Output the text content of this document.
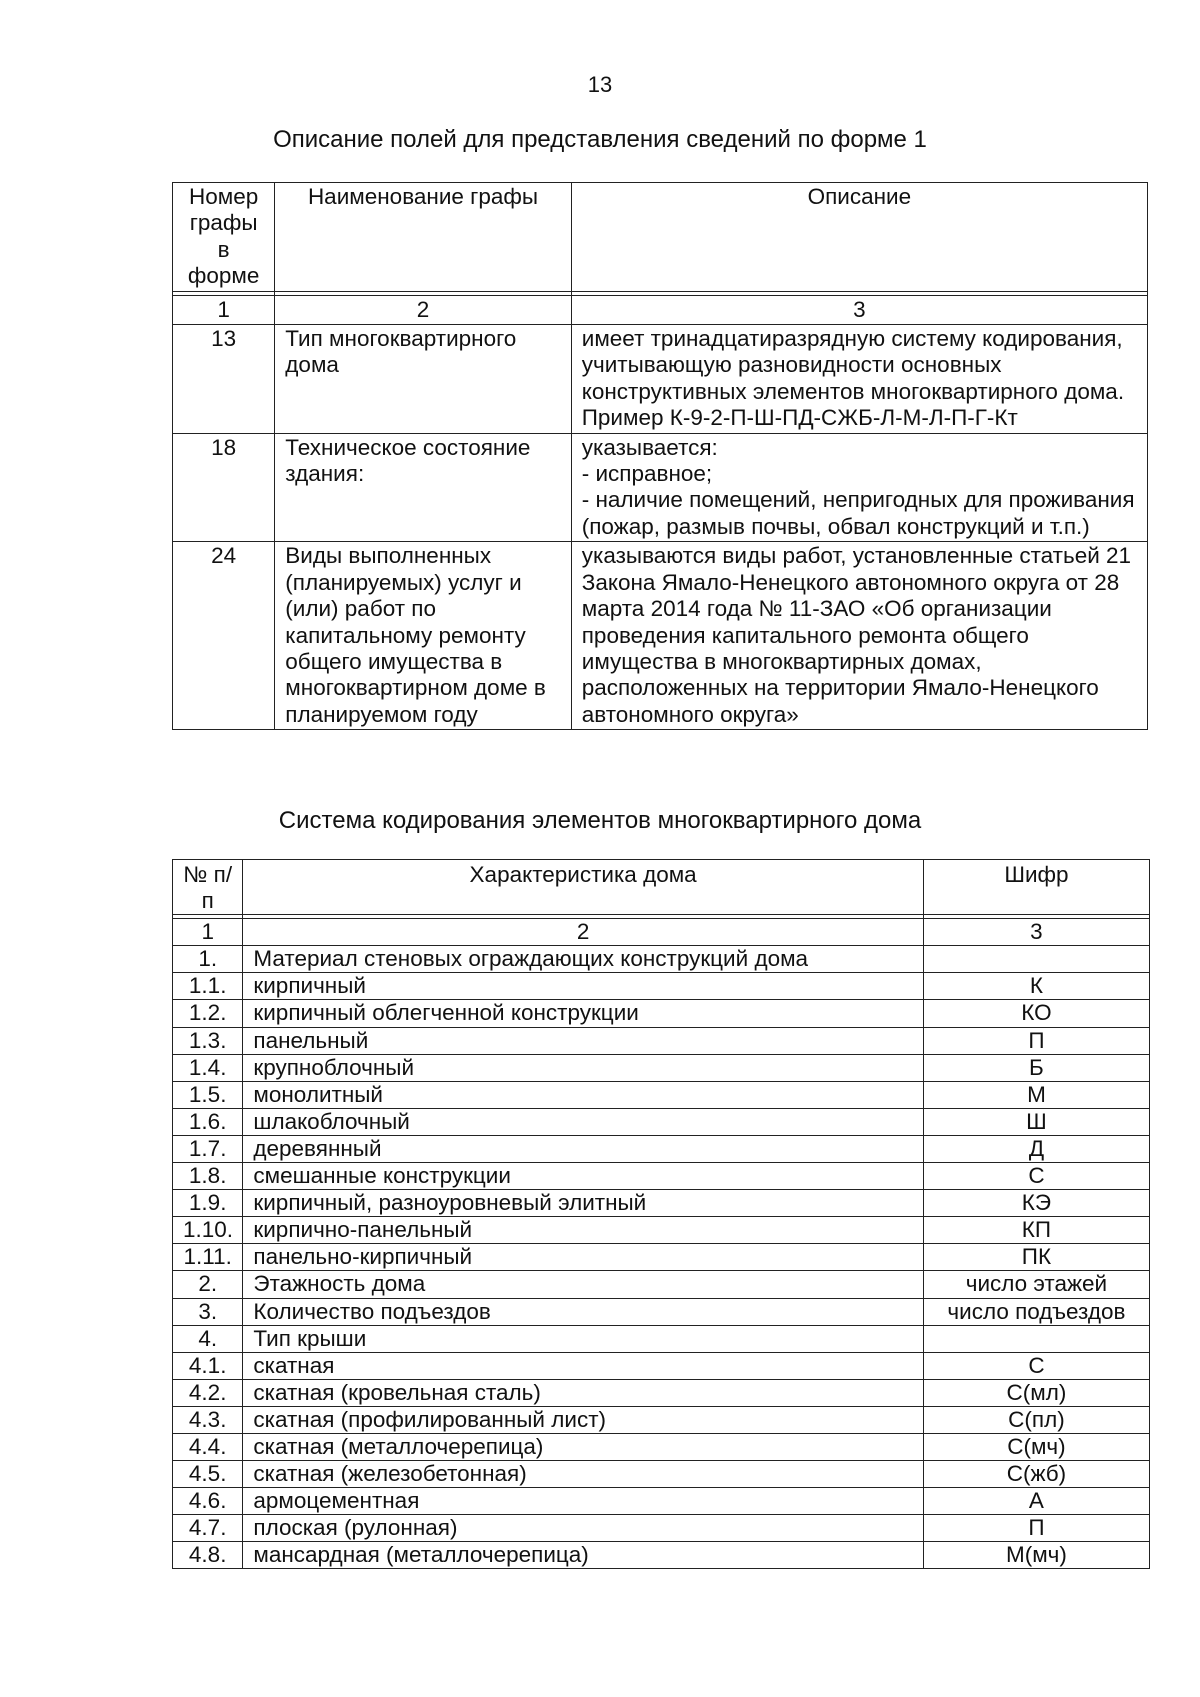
13
Описание полей для представления сведений по форме 1
Номер графы в форме	Наименование графы	Описание

1	2	3
13	Тип многоквартирного дома	имеет тринадцатиразрядную систему кодирования, учитывающую разновидности основных конструктивных элементов многоквартирного дома.
Пример К-9-2-П-Ш-ПД-СЖБ-Л-М-Л-П-Г-Кт
18	Техническое состояние здания:	указывается:
- исправное;
- наличие помещений, непригодных для проживания (пожар, размыв почвы, обвал конструкций и т.п.)
24	Виды выполненных (планируемых) услуг и (или) работ по капитальному ремонту общего имущества в многоквартирном доме в планируемом году	указываются виды работ, установленные статьей 21 Закона Ямало-Ненецкого автономного округа от 28 марта 2014 года № 11-ЗАО «Об организации проведения капитального ремонта общего имущества в многоквартирных домах, расположенных на территории Ямало-Ненецкого автономного округа»
Система кодирования элементов многоквартирного дома
№ п/п	Характеристика дома	Шифр

1	2	3
1.	Материал стеновых ограждающих конструкций дома	
1.1.	кирпичный	К
1.2.	кирпичный облегченной конструкции	КО
1.3.	панельный	П
1.4.	крупноблочный	Б
1.5.	монолитный	М
1.6.	шлакоблочный	Ш
1.7.	деревянный	Д
1.8.	смешанные конструкции	С
1.9.	кирпичный, разноуровневый элитный	КЭ
1.10.	кирпично-панельный	КП
1.11.	панельно-кирпичный	ПК
2.	Этажность дома	число этажей
3.	Количество подъездов	число подъездов
4.	Тип крыши	
4.1.	скатная	С
4.2.	скатная (кровельная сталь)	С(мл)
4.3.	скатная (профилированный лист)	С(пл)
4.4.	скатная (металлочерепица)	С(мч)
4.5.	скатная (железобетонная)	С(жб)
4.6.	армоцементная	А
4.7.	плоская (рулонная)	П
4.8.	мансардная (металлочерепица)	М(мч)
